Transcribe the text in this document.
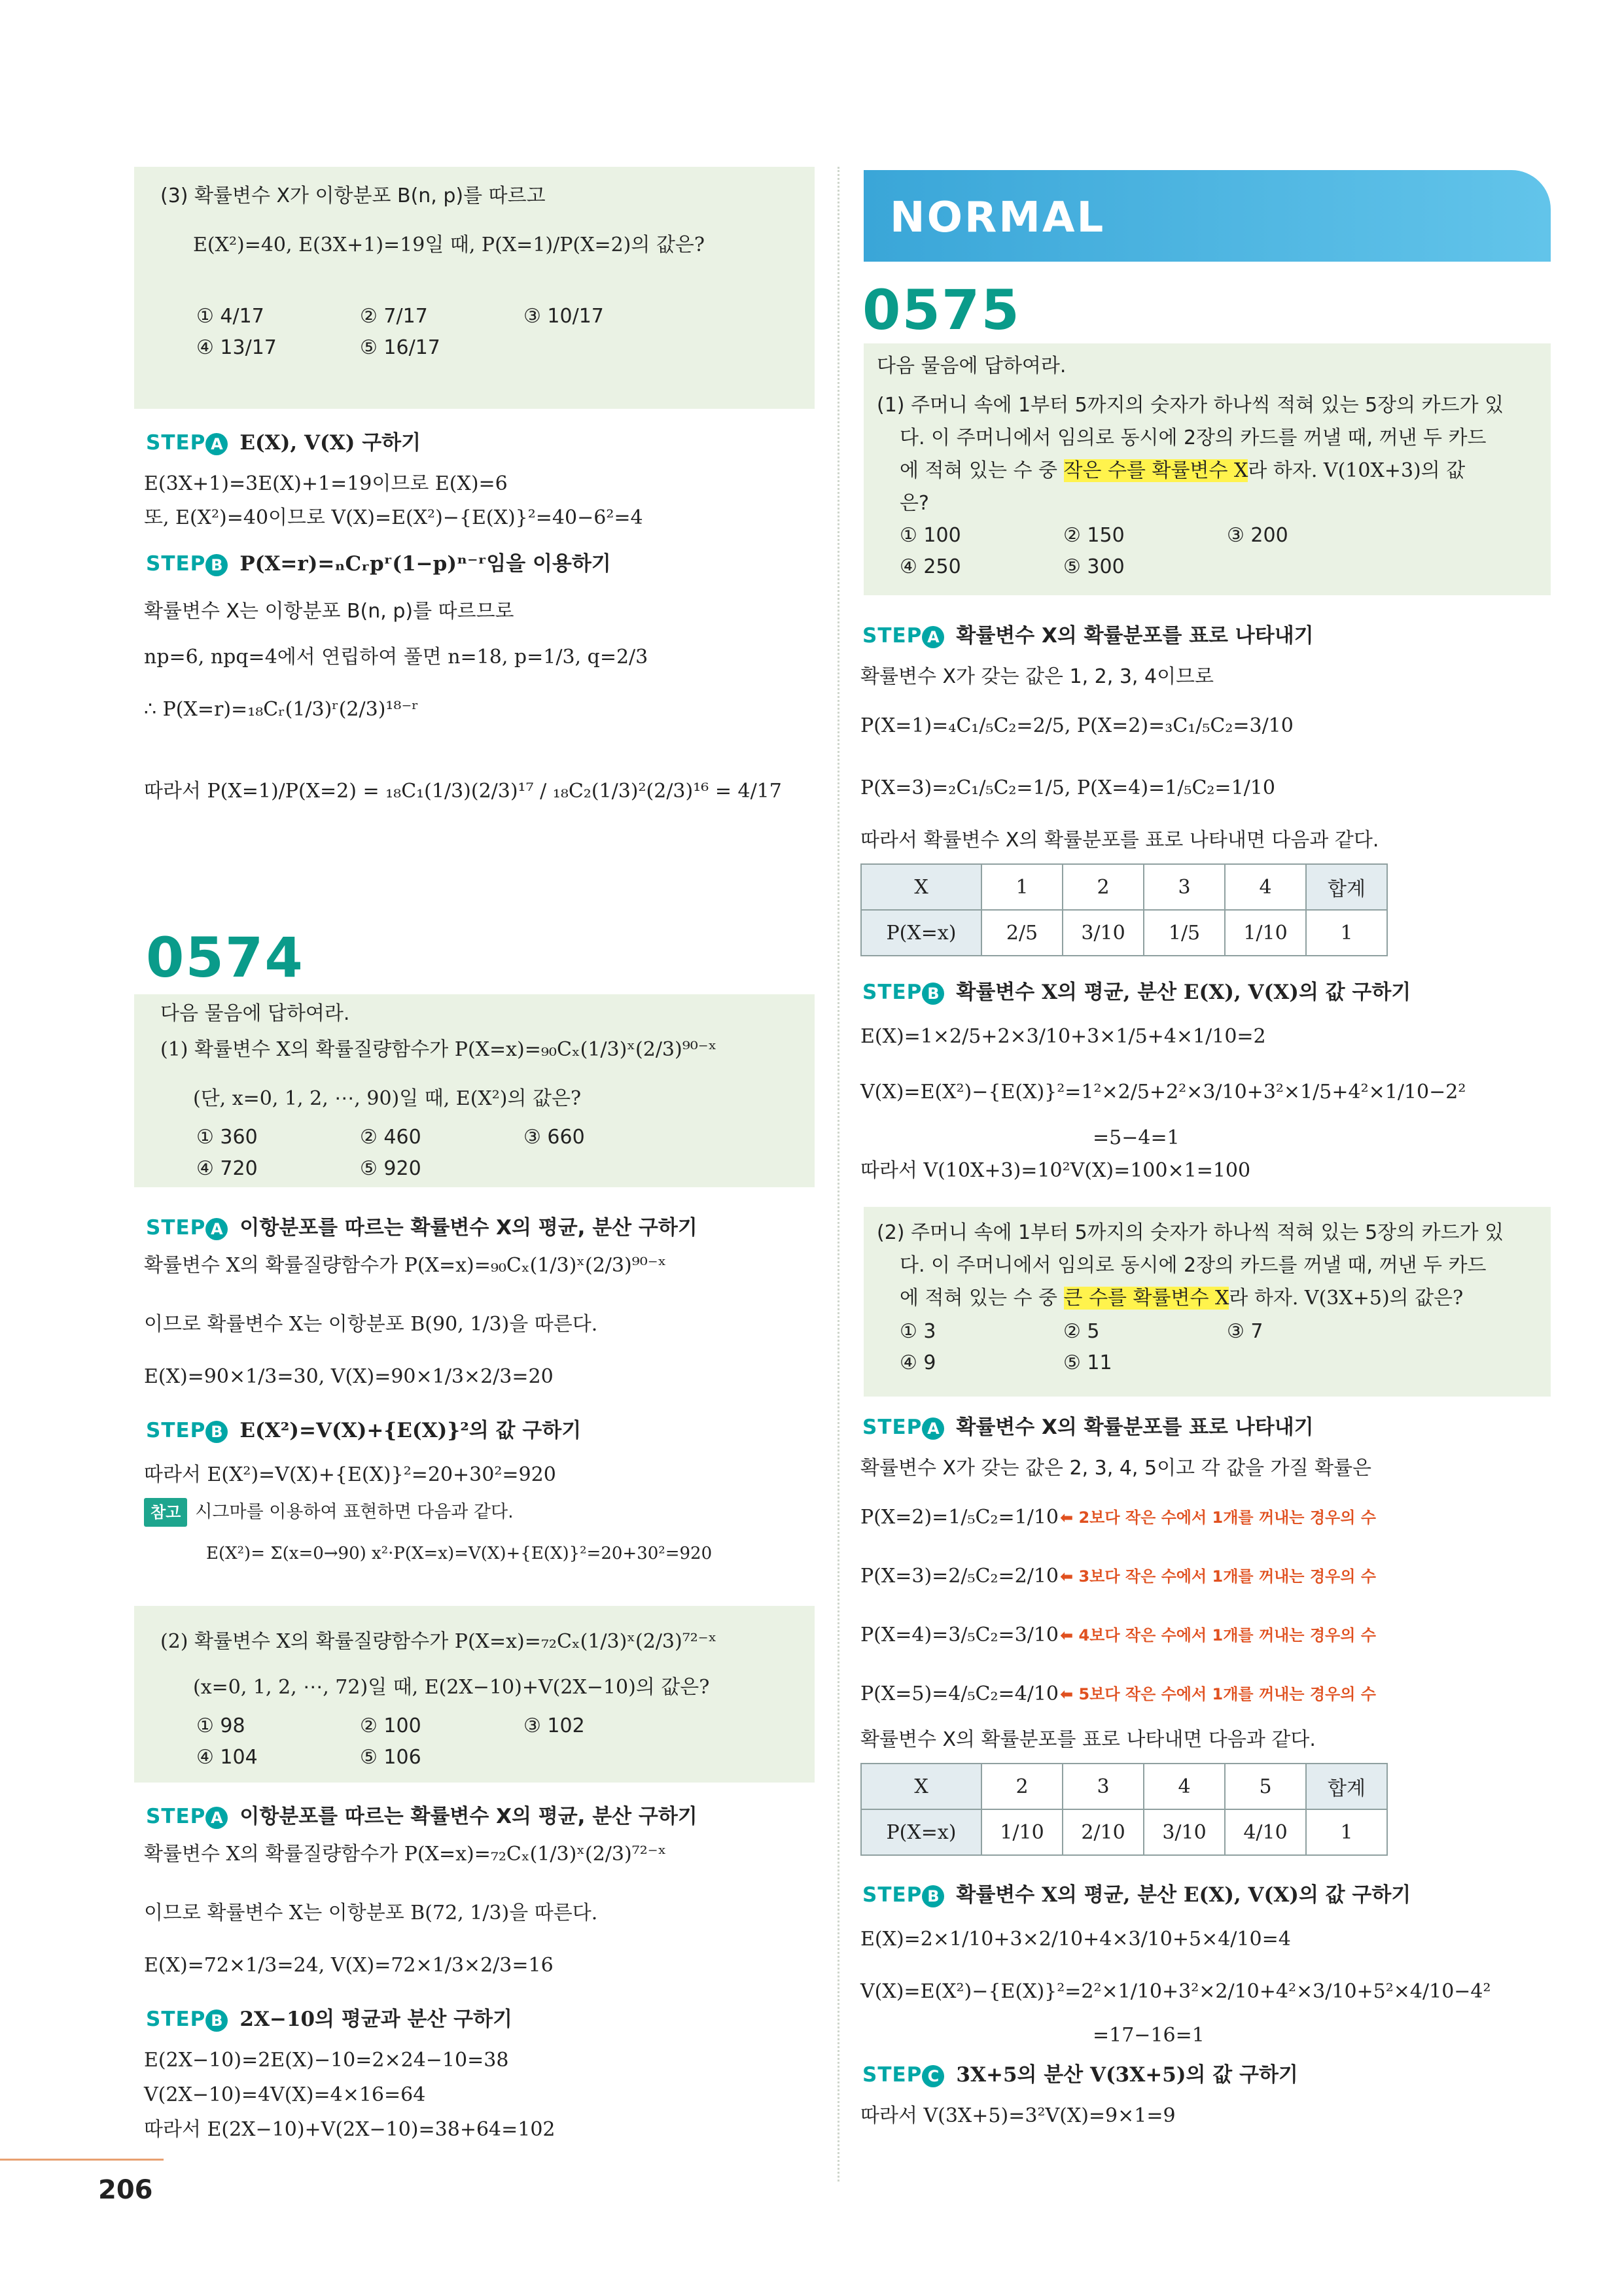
(3) 확률변수 X가 이항분포 B(n, p)를 따르고
E(X²)=40, E(3X+1)=19일 때, P(X=1)/P(X=2)의 값은?
① 4/17	② 7/17	③ 10/17
④ 13/17	⑤ 16/17
STEP A E(X), V(X) 구하기
E(3X+1)=3E(X)+1=19이므로 E(X)=6
또, E(X²)=40이므로 V(X)=E(X²)−{E(X)}²=40−6²=4
STEP B P(X=r)=ₙCᵣpʳ(1−p)ⁿ⁻ʳ임을 이용하기
확률변수 X는 이항분포 B(n, p)를 따르므로
np=6, npq=4에서 연립하여 풀면 n=18, p=1/3, q=2/3
∴ P(X=r)=₁₈Cᵣ(1/3)ʳ(2/3)¹⁸⁻ʳ
따라서 P(X=1)/P(X=2) = ₁₈C₁(1/3)(2/3)¹⁷ / ₁₈C₂(1/3)²(2/3)¹⁶ = 4/17
0574
다음 물음에 답하여라.
(1) 확률변수 X의 확률질량함수가 P(X=x)=₉₀Cₓ(1/3)ˣ(2/3)⁹⁰⁻ˣ
(단, x=0, 1, 2, ⋯, 90)일 때, E(X²)의 값은?
① 360	② 460	③ 660
④ 720	⑤ 920
STEP A 이항분포를 따르는 확률변수 X의 평균, 분산 구하기
확률변수 X의 확률질량함수가 P(X=x)=₉₀Cₓ(1/3)ˣ(2/3)⁹⁰⁻ˣ
이므로 확률변수 X는 이항분포 B(90, 1/3)을 따른다.
E(X)=90×1/3=30, V(X)=90×1/3×2/3=20
STEP B E(X²)=V(X)+{E(X)}²의 값 구하기
따라서 E(X²)=V(X)+{E(X)}²=20+30²=920
참고 시그마를 이용하여 표현하면 다음과 같다.
E(X²)= Σ(x=0→90) x²·P(X=x)=V(X)+{E(X)}²=20+30²=920
(2) 확률변수 X의 확률질량함수가 P(X=x)=₇₂Cₓ(1/3)ˣ(2/3)⁷²⁻ˣ
(x=0, 1, 2, ⋯, 72)일 때, E(2X−10)+V(2X−10)의 값은?
① 98	② 100	③ 102
④ 104	⑤ 106
STEP A 이항분포를 따르는 확률변수 X의 평균, 분산 구하기
확률변수 X의 확률질량함수가 P(X=x)=₇₂Cₓ(1/3)ˣ(2/3)⁷²⁻ˣ
이므로 확률변수 X는 이항분포 B(72, 1/3)을 따른다.
E(X)=72×1/3=24, V(X)=72×1/3×2/3=16
STEP B 2X−10의 평균과 분산 구하기
E(2X−10)=2E(X)−10=2×24−10=38
V(2X−10)=4V(X)=4×16=64
따라서 E(2X−10)+V(2X−10)=38+64=102
NORMAL
0575
다음 물음에 답하여라.
(1) 주머니 속에 1부터 5까지의 숫자가 하나씩 적혀 있는 5장의 카드가 있
다. 이 주머니에서 임의로 동시에 2장의 카드를 꺼낼 때, 꺼낸 두 카드
에 적혀 있는 수 중 작은 수를 확률변수 X라 하자. V(10X+3)의 값
은?
① 100	② 150	③ 200
④ 250	⑤ 300
STEP A 확률변수 X의 확률분포를 표로 나타내기
확률변수 X가 갖는 값은 1, 2, 3, 4이므로
P(X=1)=₄C₁/₅C₂=2/5, P(X=2)=₃C₁/₅C₂=3/10
P(X=3)=₂C₁/₅C₂=1/5, P(X=4)=1/₅C₂=1/10
따라서 확률변수 X의 확률분포를 표로 나타내면 다음과 같다.
X	1	2	3	4	합계
P(X=x)	2/5	3/10	1/5	1/10	1
STEP B 확률변수 X의 평균, 분산 E(X), V(X)의 값 구하기
E(X)=1×2/5+2×3/10+3×1/5+4×1/10=2
V(X)=E(X²)−{E(X)}²=1²×2/5+2²×3/10+3²×1/5+4²×1/10−2²
=5−4=1
따라서 V(10X+3)=10²V(X)=100×1=100
(2) 주머니 속에 1부터 5까지의 숫자가 하나씩 적혀 있는 5장의 카드가 있
다. 이 주머니에서 임의로 동시에 2장의 카드를 꺼낼 때, 꺼낸 두 카드
에 적혀 있는 수 중 큰 수를 확률변수 X라 하자. V(3X+5)의 값은?
① 3	② 5	③ 7
④ 9	⑤ 11
STEP A 확률변수 X의 확률분포를 표로 나타내기
확률변수 X가 갖는 값은 2, 3, 4, 5이고 각 값을 가질 확률은
P(X=2)=1/₅C₂=1/10 ⬅ 2보다 작은 수에서 1개를 꺼내는 경우의 수
P(X=3)=2/₅C₂=2/10 ⬅ 3보다 작은 수에서 1개를 꺼내는 경우의 수
P(X=4)=3/₅C₂=3/10 ⬅ 4보다 작은 수에서 1개를 꺼내는 경우의 수
P(X=5)=4/₅C₂=4/10 ⬅ 5보다 작은 수에서 1개를 꺼내는 경우의 수
확률변수 X의 확률분포를 표로 나타내면 다음과 같다.
X	2	3	4	5	합계
P(X=x)	1/10	2/10	3/10	4/10	1
STEP B 확률변수 X의 평균, 분산 E(X), V(X)의 값 구하기
E(X)=2×1/10+3×2/10+4×3/10+5×4/10=4
V(X)=E(X²)−{E(X)}²=2²×1/10+3²×2/10+4²×3/10+5²×4/10−4²
=17−16=1
STEP C 3X+5의 분산 V(3X+5)의 값 구하기
따라서 V(3X+5)=3²V(X)=9×1=9
206
